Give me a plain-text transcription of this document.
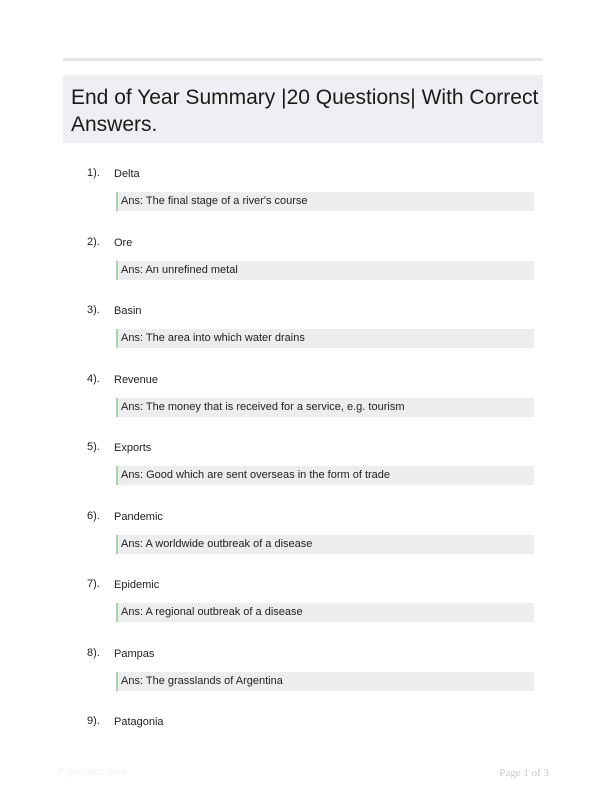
End of Year Summary |20 Questions| With Correct Answers.
1). Delta
Ans: The final stage of a river's course
2). Ore
Ans: An unrefined metal
3). Basin
Ans: The area into which water drains
4). Revenue
Ans: The money that is received for a service, e.g. tourism
5). Exports
Ans: Good which are sent overseas in the form of trade
6). Pandemic
Ans: A worldwide outbreak of a disease
7). Epidemic
Ans: A regional outbreak of a disease
8). Pampas
Ans: The grasslands of Argentina
9). Patagonia
Papertiktic.com	Page 1 of 3
